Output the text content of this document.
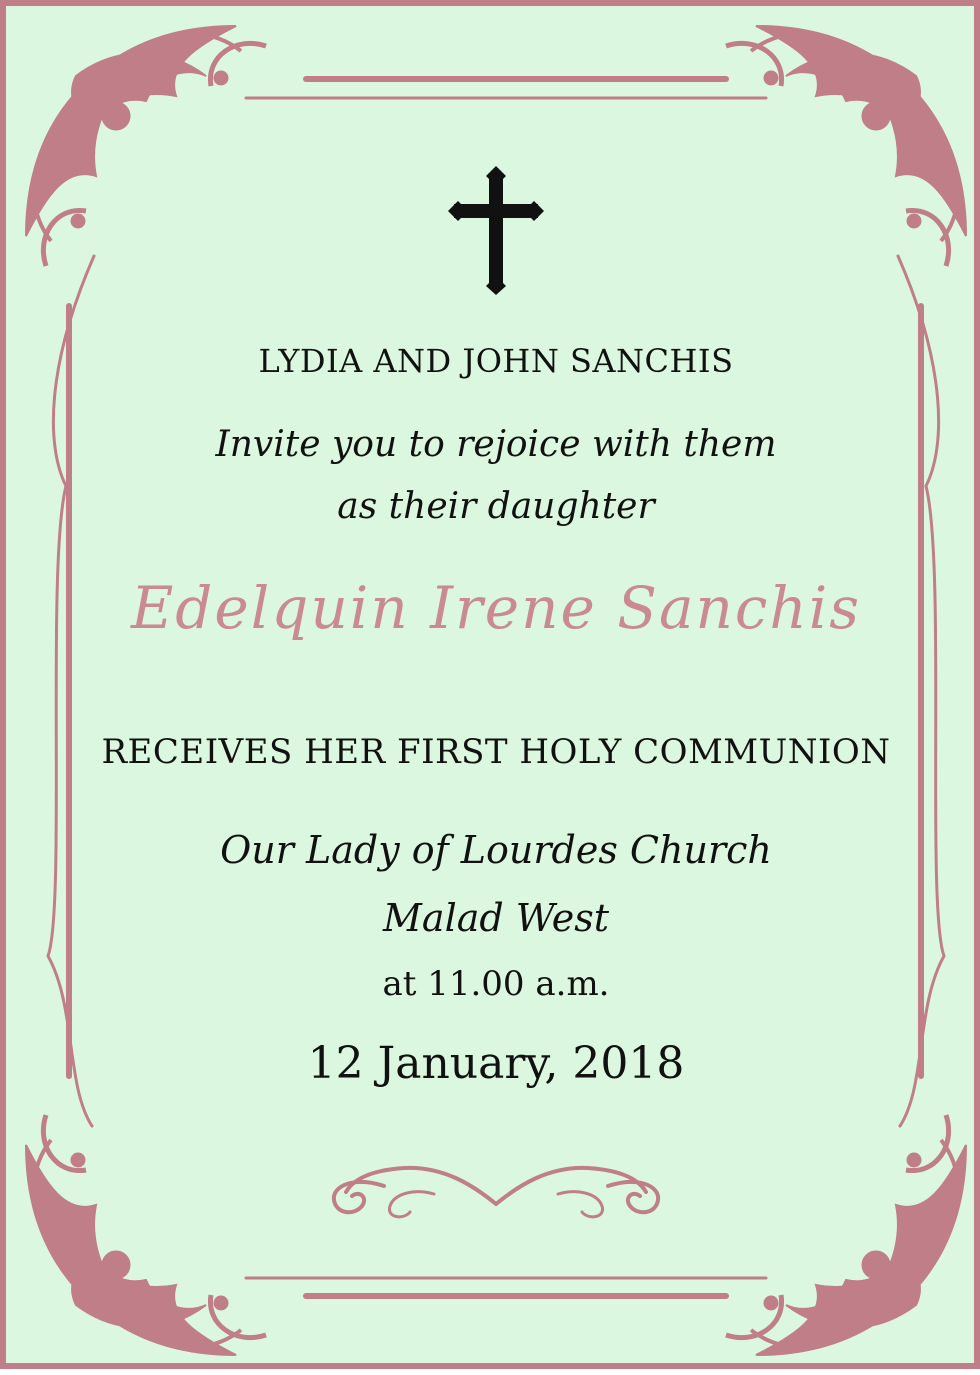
LYDIA AND JOHN SANCHIS
Invite you to rejoice with them
as their daughter
Edelquin Irene Sanchis
RECEIVES HER FIRST HOLY COMMUNION
Our Lady of Lourdes Church
Malad West
at 11.00 a.m.
12 January, 2018
